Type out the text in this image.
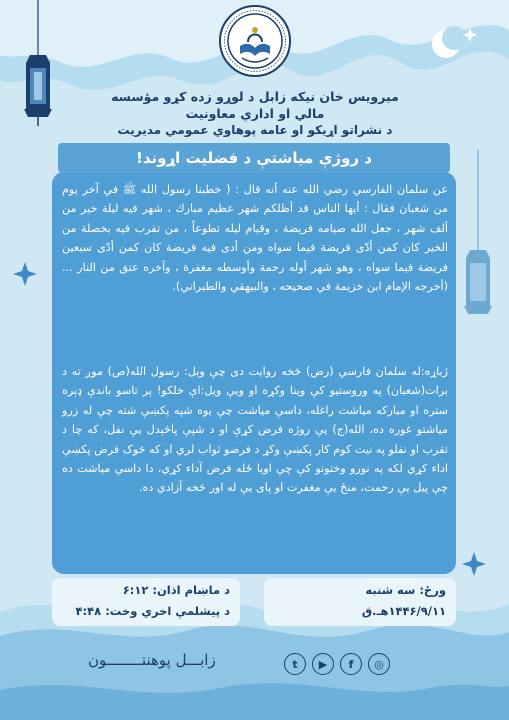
میرویس خان نیکه زابل د لوړو زده کړو مؤسسه
مالي او اداري معاونیت
د نشراتو اړیکو او عامه پوهاوي عمومي مدیریت
د روژې میاشتې د فضلیت اړوند!
عن سلمان الفارسي رضي الله عنه أنه قال : ( خطبنا رسول الله ﷺ في آخر يوم من شعبان فقال : أيها الناس قد أظلكم شهر عظيم مبارك ، شهر فيه ليلة خير من ألف شهر ، جعل الله صيامه فريضة ، وقيام ليله تطوعاً ، من تقرب فيه بخصلة من الخير كان كمن أدّى فريضة فيما سواه ومن أدى فيه فريضة كان كمن أدّى سبعين فريضة فيما سواه ، وهو شهر أوله رحمة وأوسطه مغفرة ، وآخره عتق من النار ... (أخرجه الإمام ابن خزيمة في صحيحه ، والبيهقي والطبراني).
ژباړه:له سلمان فارسي (رض) څخه روایت دی چې وېل: رسول الله(ص) موږ ته د برات(شعبان) په وروستیو کې وینا وکړه او ویې ویل:اې خلکو! پر تاسو باندې ډېره ستره او مبارکه میاشت راغله، داسې میاشت چې یوه شپه پکښې شته چې له زرو میاشتو غوره ده، الله(ج) یې روژه فرض کړې او د شپې پاڅېدل یې نفل، که چا د تقرب او نفلو په نیت کوم کار پکښې وکړ د فرضو ثواب لري او که څوک فرض پکښې اداء کړي لکه په نورو وختونو کې چې اویا ځله فرض آداء کړي، دا داسې میاشت ده چې پیل یې رحمت، منځ یې مغفرت او پای یې له اور څخه آزادي ده.
د ماښام اذان: ۶:۱۲
د پیشلمې اخري وخت: ۴:۴۸
ورځ: سه شنبه
۱۴۴۶/۹/۱۱هـ.ق
◎
f
▶
t
زابـــل پوهنتــــــــون
